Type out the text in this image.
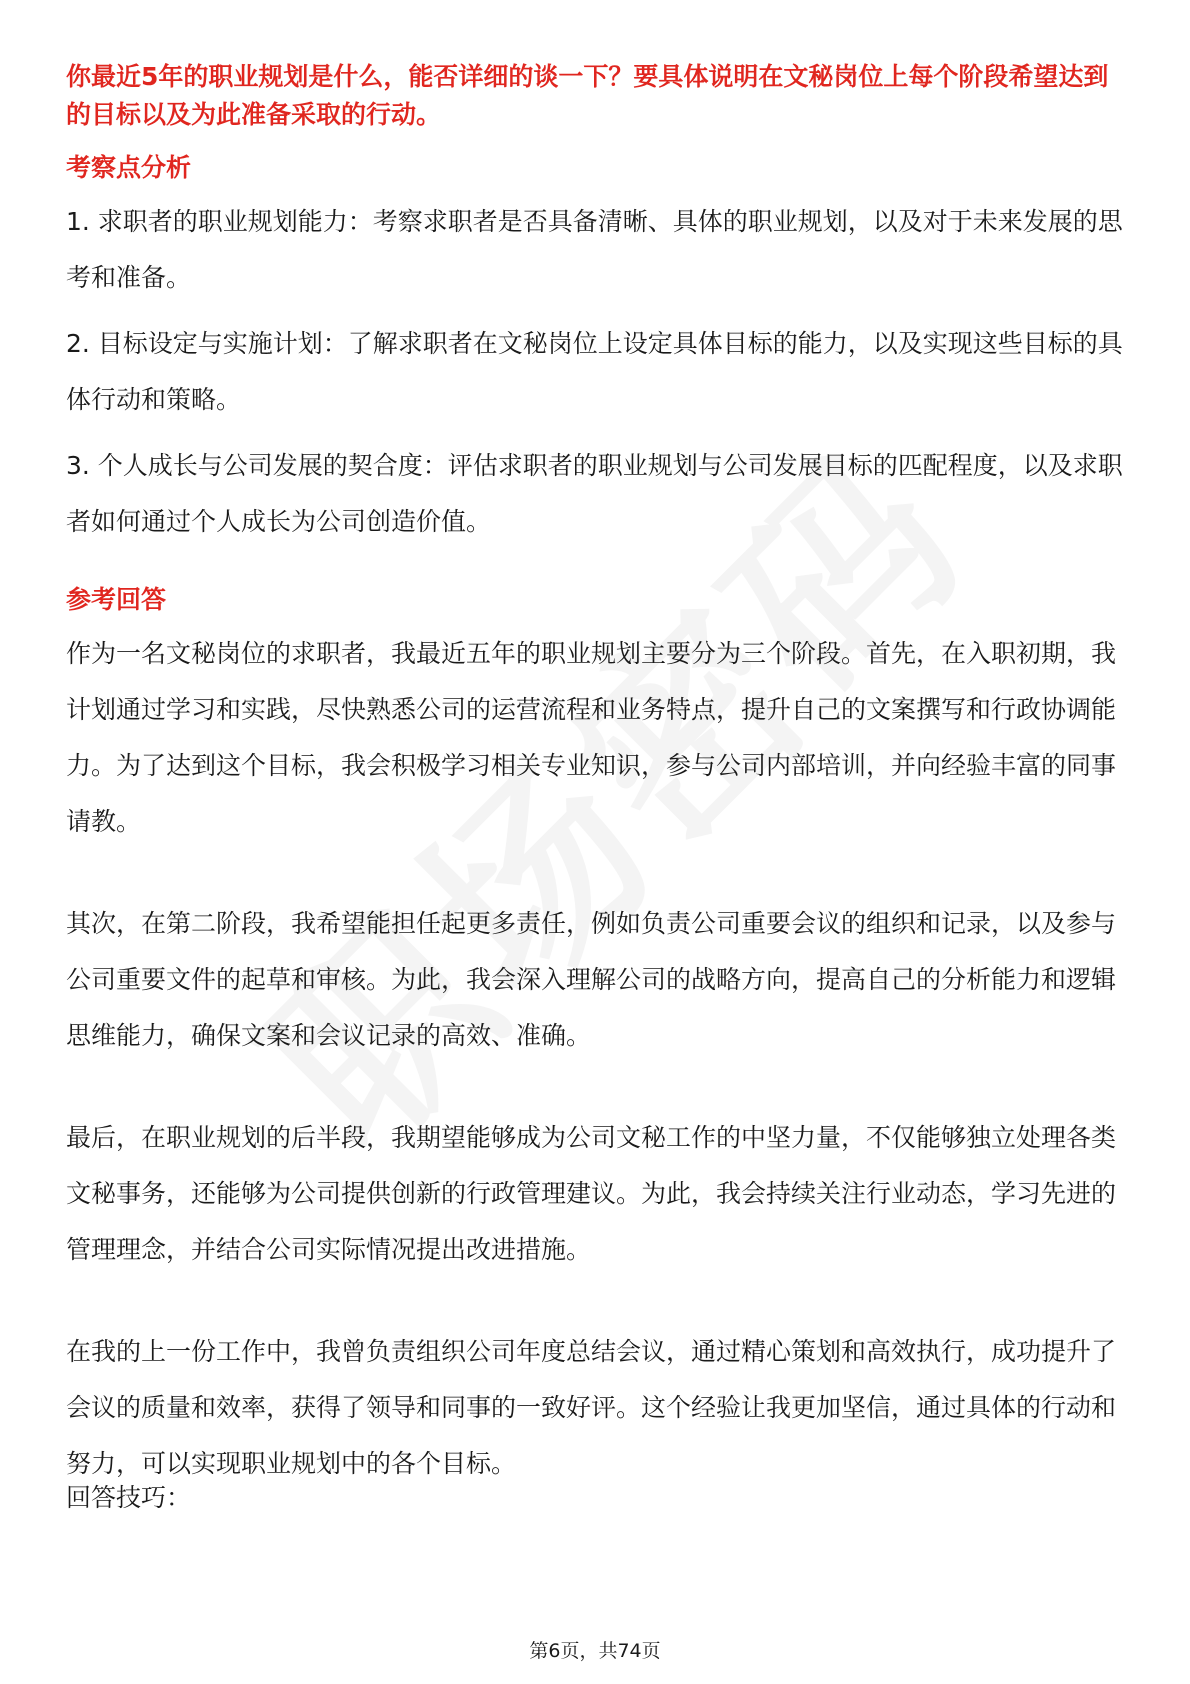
你最近5年的职业规划是什么，能否详细的谈一下？要具体说明在文秘岗位上每个阶段希望达到的目标以及为此准备采取的行动。

考察点分析

1. 求职者的职业规划能力：考察求职者是否具备清晰、具体的职业规划，以及对于未来发展的思考和准备。

2. 目标设定与实施计划：了解求职者在文秘岗位上设定具体目标的能力，以及实现这些目标的具体行动和策略。

3. 个人成长与公司发展的契合度：评估求职者的职业规划与公司发展目标的匹配程度，以及求职者如何通过个人成长为公司创造价值。

参考回答

作为一名文秘岗位的求职者，我最近五年的职业规划主要分为三个阶段。首先，在入职初期，我计划通过学习和实践，尽快熟悉公司的运营流程和业务特点，提升自己的文案撰写和行政协调能力。为了达到这个目标，我会积极学习相关专业知识，参与公司内部培训，并向经验丰富的同事请教。

其次，在第二阶段，我希望能担任起更多责任，例如负责公司重要会议的组织和记录，以及参与公司重要文件的起草和审核。为此，我会深入理解公司的战略方向，提高自己的分析能力和逻辑思维能力，确保文案和会议记录的高效、准确。

最后，在职业规划的后半段，我期望能够成为公司文秘工作的中坚力量，不仅能够独立处理各类文秘事务，还能够为公司提供创新的行政管理建议。为此，我会持续关注行业动态，学习先进的管理理念，并结合公司实际情况提出改进措施。

在我的上一份工作中，我曾负责组织公司年度总结会议，通过精心策划和高效执行，成功提升了会议的质量和效率，获得了领导和同事的一致好评。这个经验让我更加坚信，通过具体的行动和努力，可以实现职业规划中的各个目标。

回答技巧：
第6页，共74页
